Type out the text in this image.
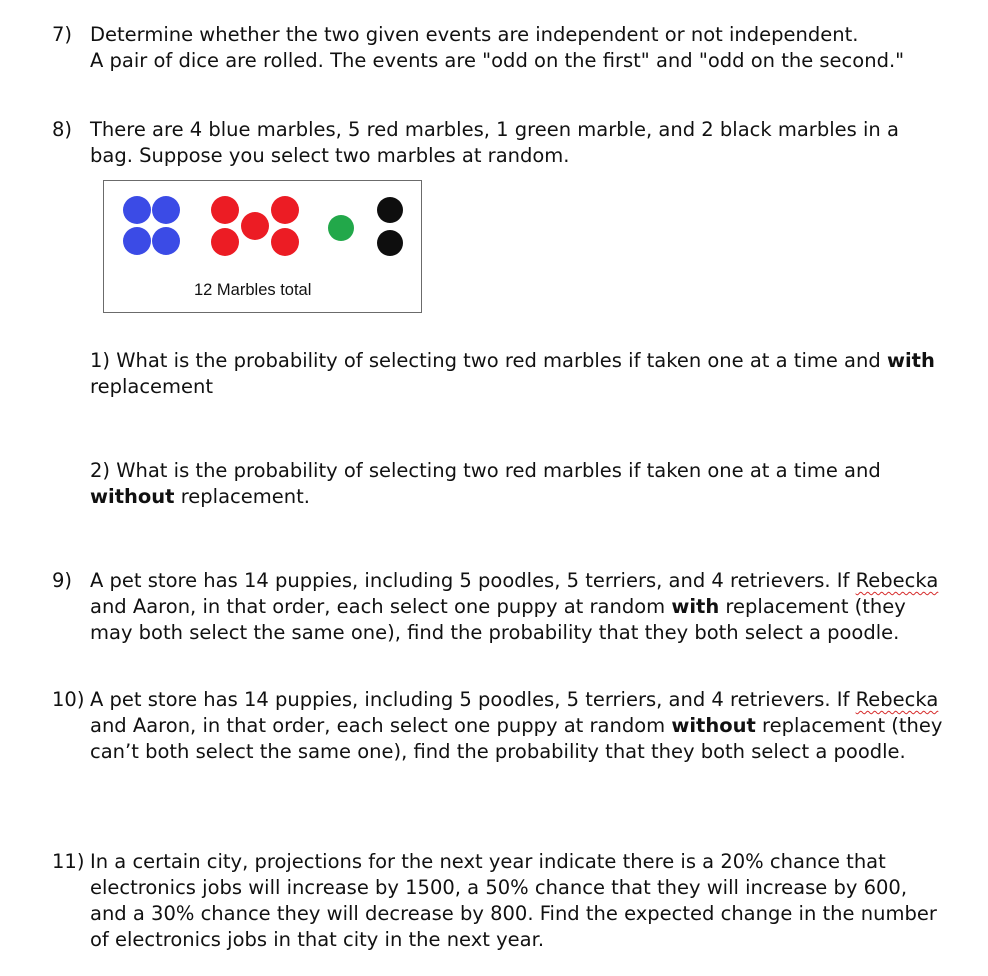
7) Determine whether the two given events are independent or not independent.
A pair of dice are rolled. The events are "odd on the first" and "odd on the second."
8) There are 4 blue marbles, 5 red marbles, 1 green marble, and 2 black marbles in a
bag. Suppose you select two marbles at random.
12 Marbles total
1) What is the probability of selecting two red marbles if taken one at a time and with
replacement
2) What is the probability of selecting two red marbles if taken one at a time and
without replacement.
9) A pet store has 14 puppies, including 5 poodles, 5 terriers, and 4 retrievers. If Rebecka
and Aaron, in that order, each select one puppy at random with replacement (they
may both select the same one), find the probability that they both select a poodle.
10) A pet store has 14 puppies, including 5 poodles, 5 terriers, and 4 retrievers. If Rebecka
and Aaron, in that order, each select one puppy at random without replacement (they
can’t both select the same one), find the probability that they both select a poodle.
11) In a certain city, projections for the next year indicate there is a 20% chance that
electronics jobs will increase by 1500, a 50% chance that they will increase by 600,
and a 30% chance they will decrease by 800. Find the expected change in the number
of electronics jobs in that city in the next year.
